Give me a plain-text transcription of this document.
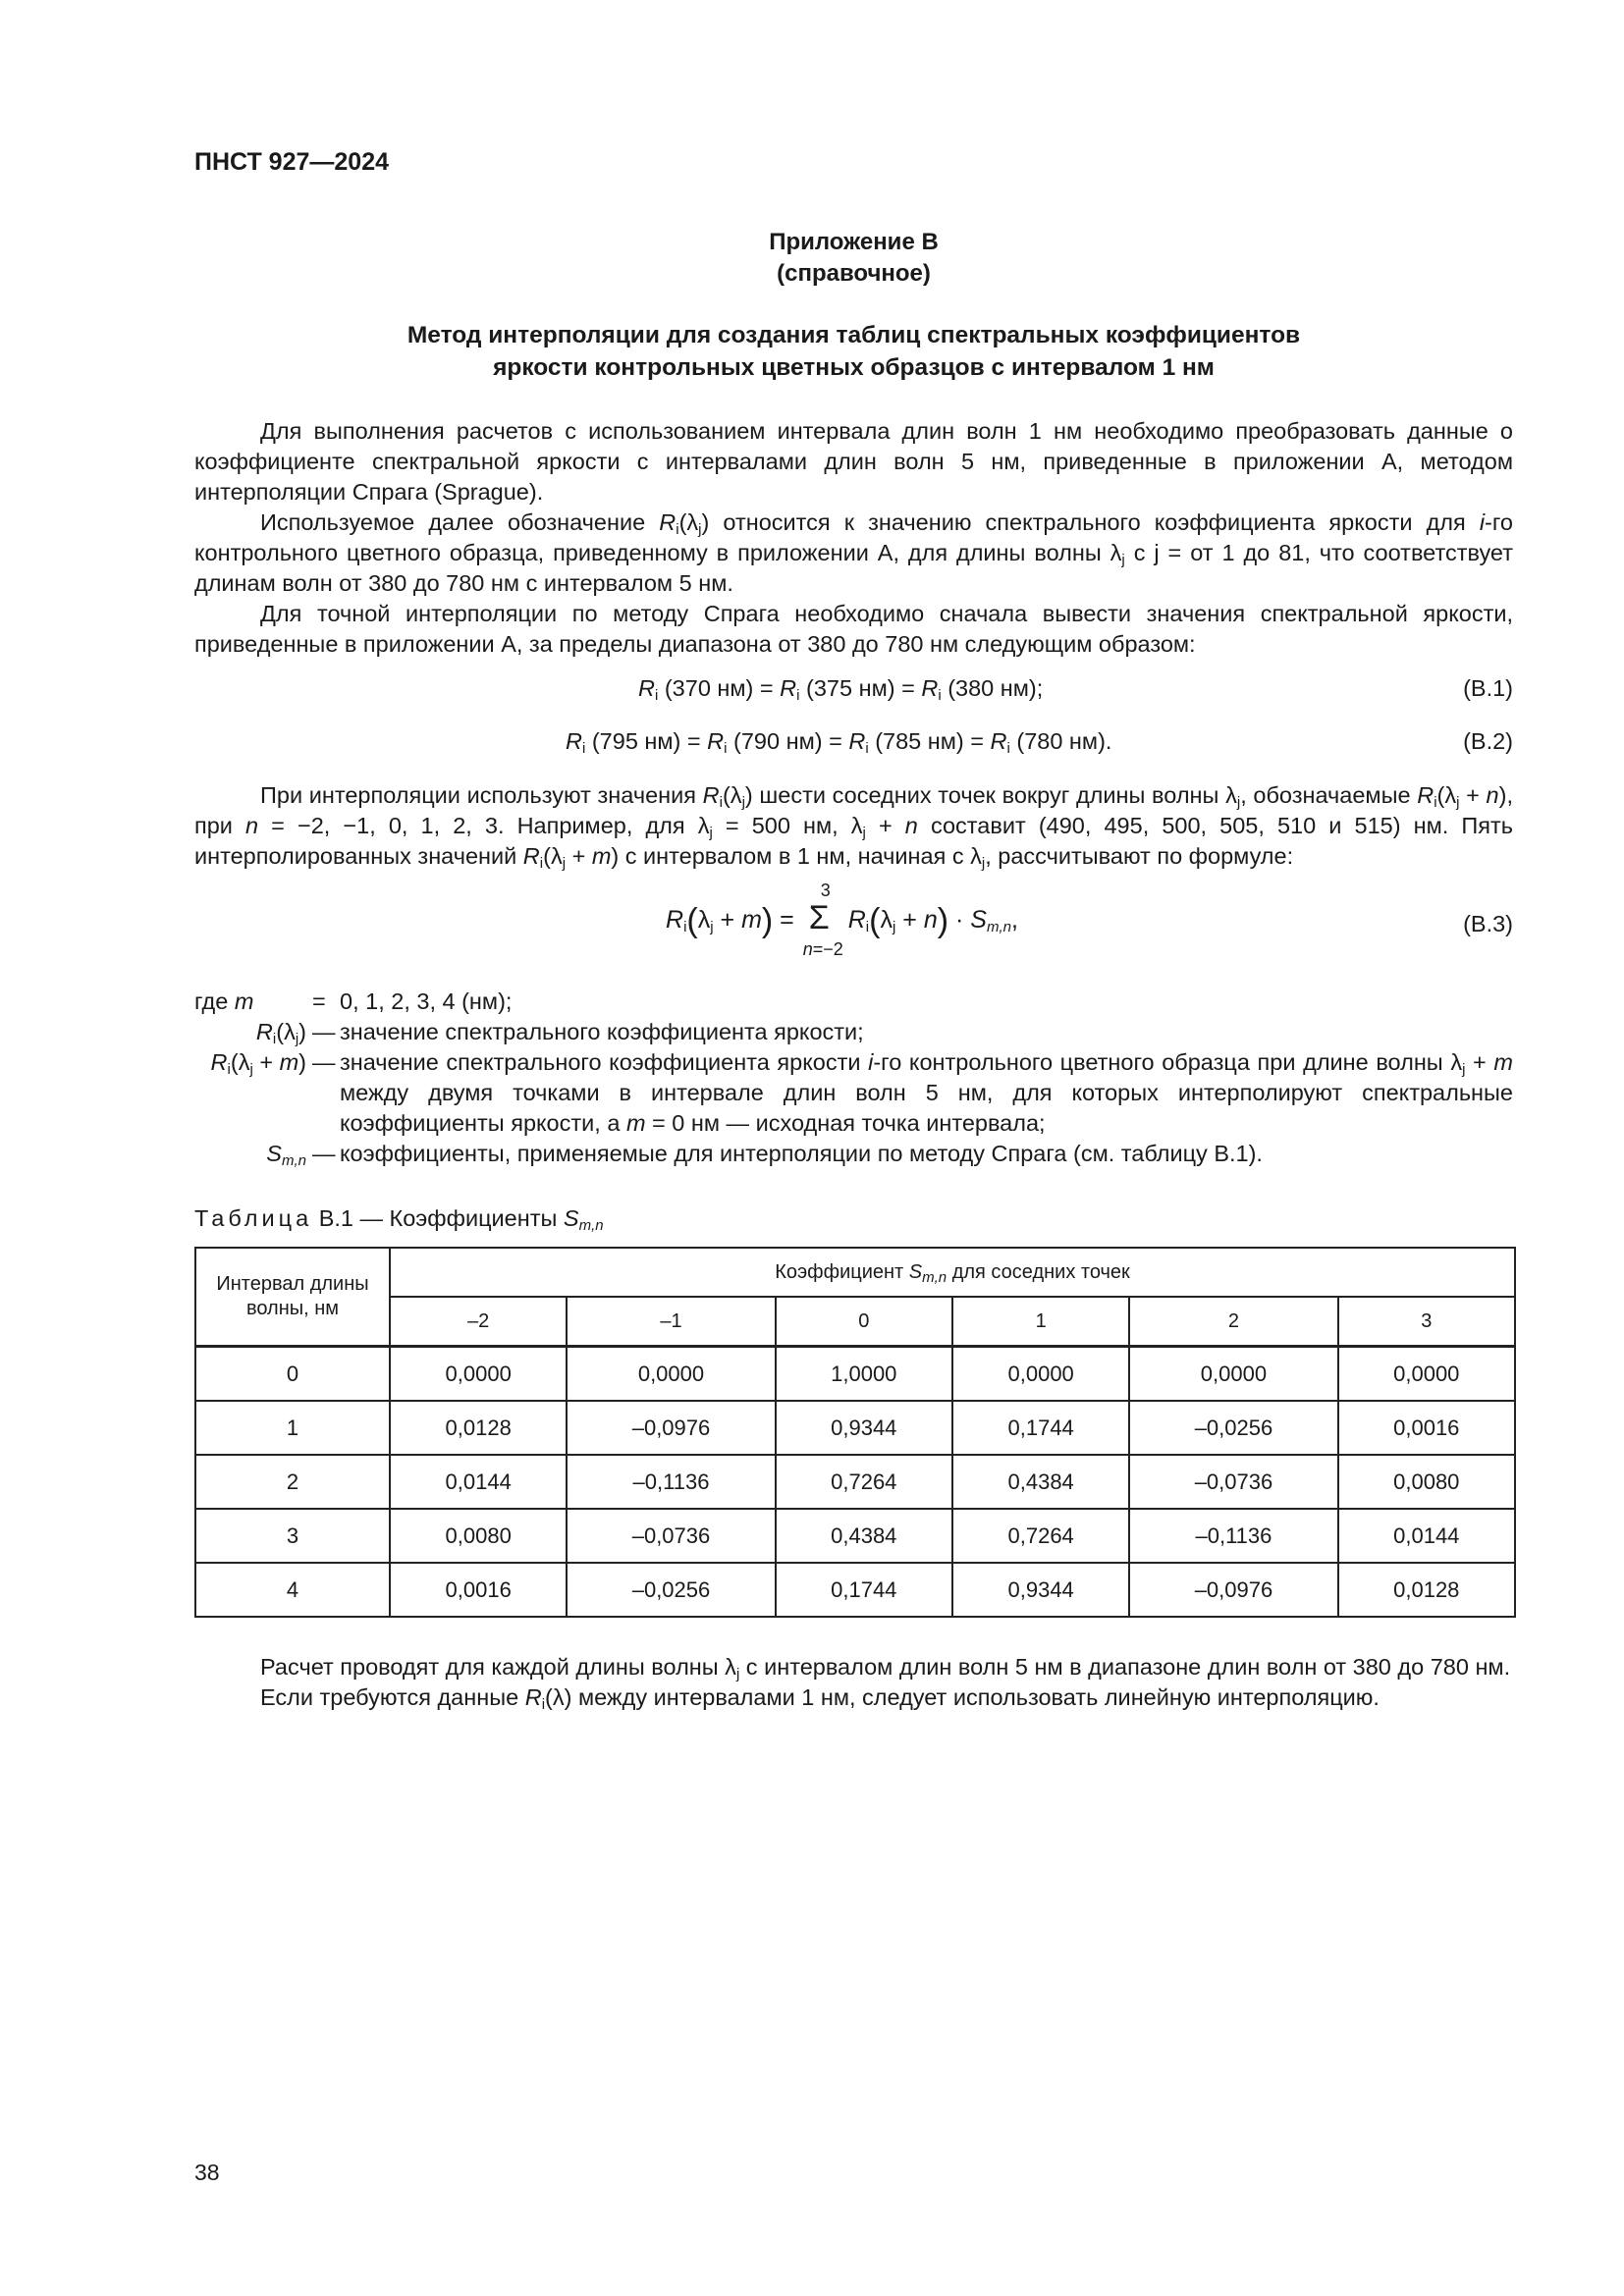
ПНСТ 927—2024
Приложение В
(справочное)
Метод интерполяции для создания таблиц спектральных коэффициентов
яркости контрольных цветных образцов с интервалом 1 нм

Для выполнения расчетов с использованием интервала длин волн 1 нм необходимо преобразовать данные о коэффициенте спектральной яркости с интервалами длин волн 5 нм, приведенные в приложении А, методом интерполяции Спрага (Sprague).

Используемое далее обозначение $R_i(\lambda_j)$ относится к значению спектрального коэффициента яркости для i-го контрольного цветного образца, приведенному в приложении А, для длины волны $\lambda_j$ с j = от 1 до 81, что соответствует длинам волн от 380 до 780 нм с интервалом 5 нм.

Для точной интерполяции по методу Спрага необходимо сначала вывести значения спектральной яркости, приведенные в приложении А, за пределы диапазона от 380 до 780 нм следующим образом:

$R_i$ (370 $нм) = R_i$ (375 $нм) = R_i$ (380 нм);	(В.1)
$R_i$ (795 $нм) = R_i$ (790 $нм) = R_i$ (785 $нм) = R_i$ (780 нм).	(В.2)

При интерполяции используют значения $R_i(\lambda_j)$ шести соседних точек вокруг длины волны $\lambda_j$, обозначаемые $R_i(\lambda_j + n)$, при n = −2, −1, 0, 1, 2, 3. Например, для $\lambda_j = 500$ нм, $\lambda_j + n$ составит (490, 495, 500, 505, 510 и 515) нм. Пять интерполированных значений $R_i(\lambda_j + m)$ с интервалом в 1 нм, начиная с $\lambda_j$, рассчитывают по формуле:

$R_i(\lambda_j + m) = \Sigma$
3
n=−2
$R_i(\lambda_j + n) \cdot S_{m,n}$,	(В.3)
где m	= 0, 1, 2, 3, 4 (нм);
$R_i(\lambda_j)$ — значение спектрального коэффициента яркости;
$R_i(\lambda_j + m)$ — значение спектрального коэффициента яркости i-го контрольного цветного образца при длине волны $\lambda_j + m$ между двумя точками в интервале длин волн 5 нм, для которых интерполируют спектральные коэффициенты яркости, а m = 0 нм — исходная точка интервала;
$S_{m,n}$ — коэффициенты, применяемые для интерполяции по методу Спрага (см. таблицу В.1).
Таблица В.1 — Коэффициенты $S_{m,n}$
Интервал длины волны, нм	Коэффициент $S_{m,n}$ для соседних точек					
	–2	–1	0	1	2	3
0	0,0000	0,0000	1,0000	0,0000	0,0000	0,0000
1	0,0128	–0,0976	0,9344	0,1744	–0,0256	0,0016
2	0,0144	–0,1136	0,7264	0,4384	–0,0736	0,0080
3	0,0080	–0,0736	0,4384	0,7264	–0,1136	0,0144
4	0,0016	–0,0256	0,1744	0,9344	–0,0976	0,0128

Расчет проводят для каждой длины волны $\lambda_j$ с интервалом длин волн 5 нм в диапазоне длин волн от 380 до 780 нм.

Если требуются данные $R_i(\lambda)$ между интервалами 1 нм, следует использовать линейную интерполяцию.

38
